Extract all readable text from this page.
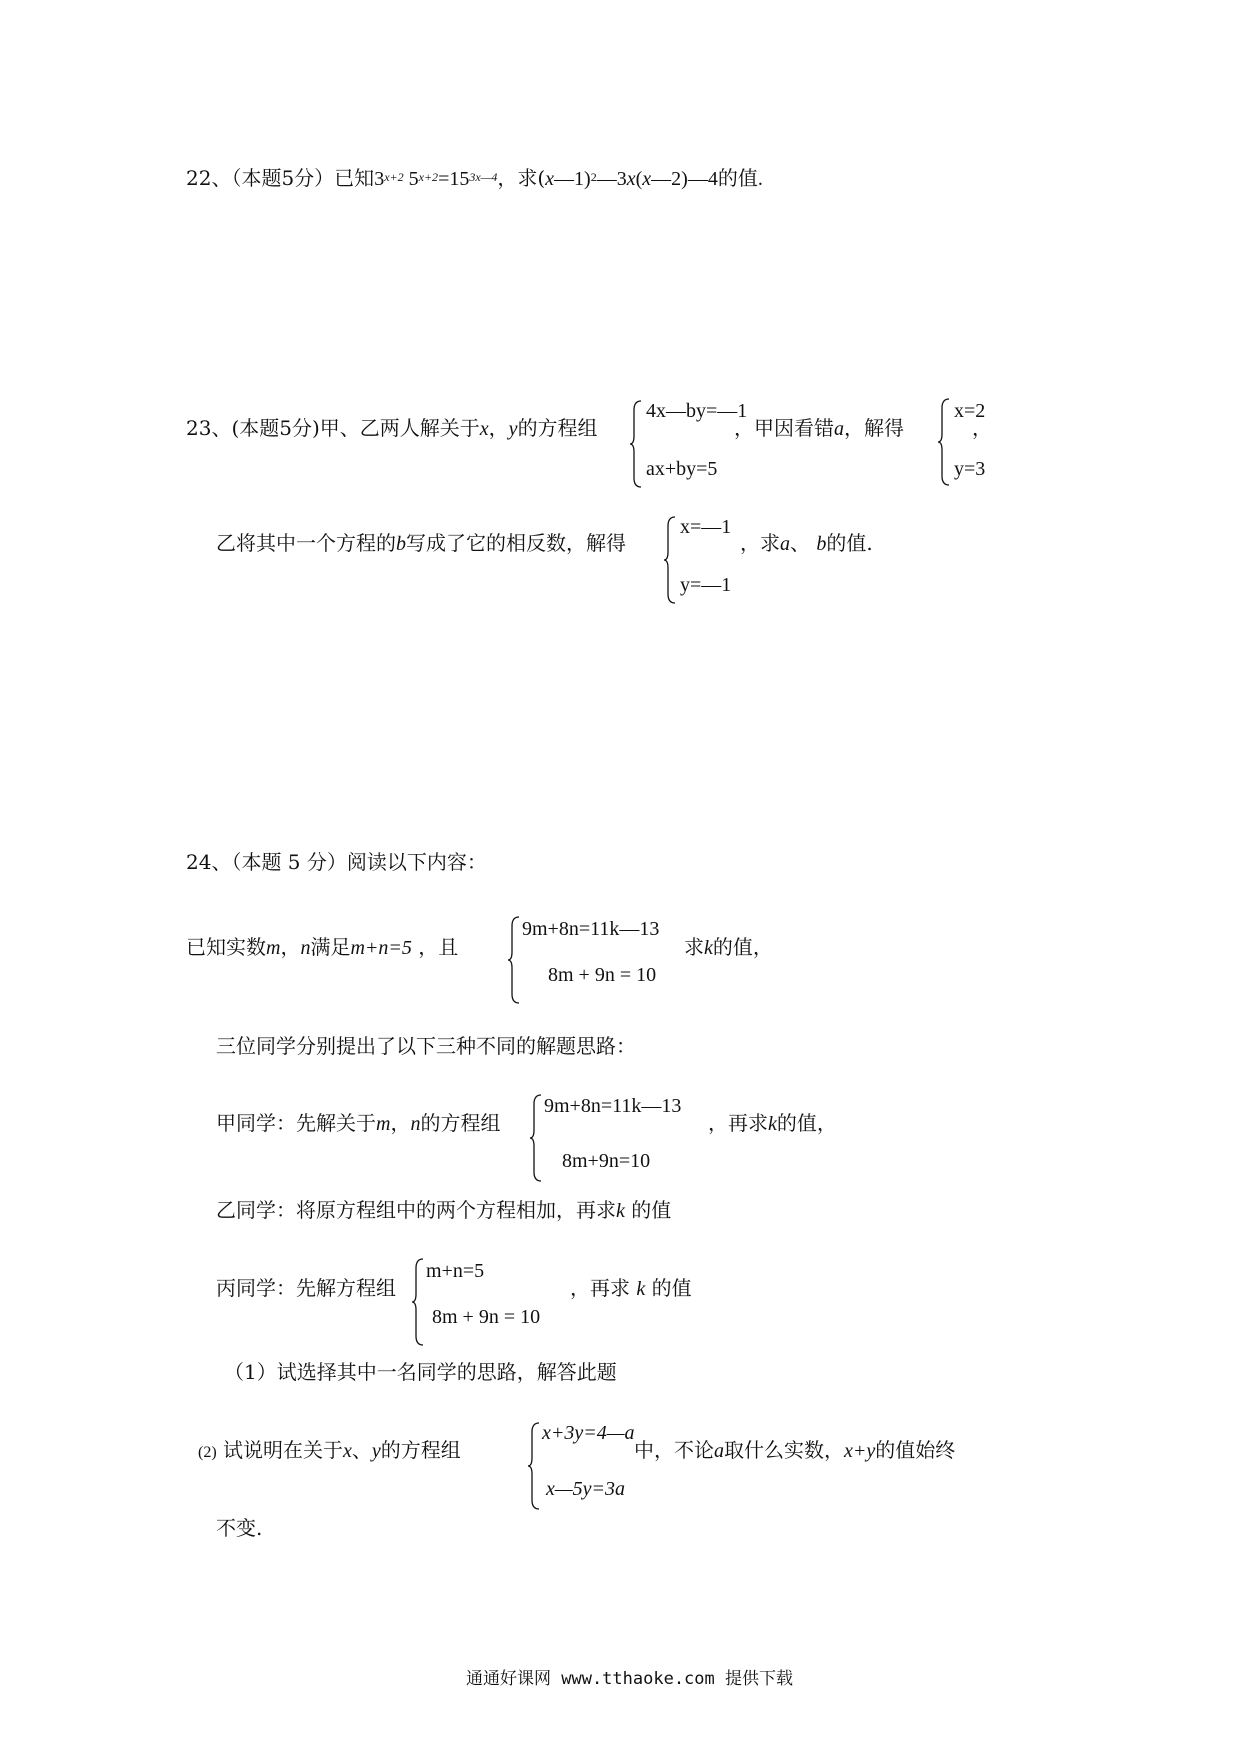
22、（本题5分）已知$3^{x+2}$ $5^{x+2}=15^{3x—4}$，求(x—1)$^2$—3x(x—2)—4的值.
23、(本题5分)甲、乙两人解关于x，y的方程组
4x—by=—1
ax+by=5
，甲因看错a，解得
x=2
y=3
，
乙将其中一个方程的b写成了它的相反数，解得
x=—1
y=—1
，求a、 b的值.
24、（本题 5 分）阅读以下内容：
已知实数m，n满足m+n=5 ，且
9m+8n=11k—13
8m + 9n = 10
求k的值，
三位同学分别提出了以下三种不同的解题思路：
甲同学：先解关于m，n的方程组
9m+8n=11k—13
8m+9n=10
，再求k的值，
乙同学：将原方程组中的两个方程相加，再求k 的值
丙同学：先解方程组
m+n=5
8m + 9n = 10
，再求 k 的值
（1）试选择其中一名同学的思路，解答此题
(2) 试说明在关于x、y的方程组
x+3y=4—a
x—5y=3a
中，不论a取什么实数，x+y的值始终
不变.
通通好课网 www.tthaoke.com 提供下载
